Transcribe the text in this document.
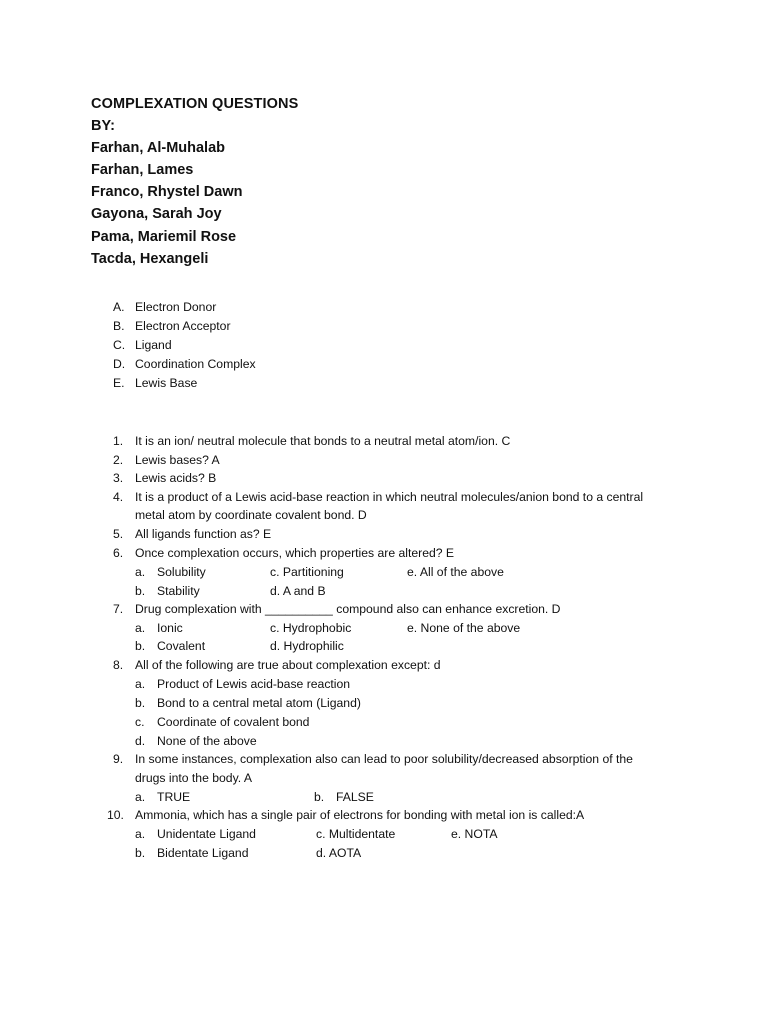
COMPLEXATION QUESTIONS
BY:
Farhan, Al-Muhalab
Farhan, Lames
Franco, Rhystel Dawn
Gayona, Sarah Joy
Pama, Mariemil Rose
Tacda, Hexangeli
A. Electron Donor
B. Electron Acceptor
C. Ligand
D. Coordination Complex
E. Lewis Base
1. It is an ion/ neutral molecule that bonds to a neutral metal atom/ion. C
2. Lewis bases? A
3. Lewis acids? B
4. It is a product of a Lewis acid-base reaction in which neutral molecules/anion bond to a central
metal atom by coordinate covalent bond. D
5. All ligands function as? E
6. Once complexation occurs, which properties are altered? E
a. Solubility	c. Partitioning	e. All of the above
b. Stability	d. A and B
7. Drug complexation with __________ compound also can enhance excretion. D
a. Ionic	c. Hydrophobic	e. None of the above
b. Covalent	d. Hydrophilic
8. All of the following are true about complexation except: d
a. Product of Lewis acid-base reaction
b. Bond to a central metal atom (Ligand)
c. Coordinate of covalent bond
d. None of the above
9. In some instances, complexation also can lead to poor solubility/decreased absorption of the
drugs into the body. A
a. TRUE	b. FALSE
10. Ammonia, which has a single pair of electrons for bonding with metal ion is called:A
a. Unidentate Ligand	c. Multidentate	e. NOTA
b. Bidentate Ligand	d. AOTA
